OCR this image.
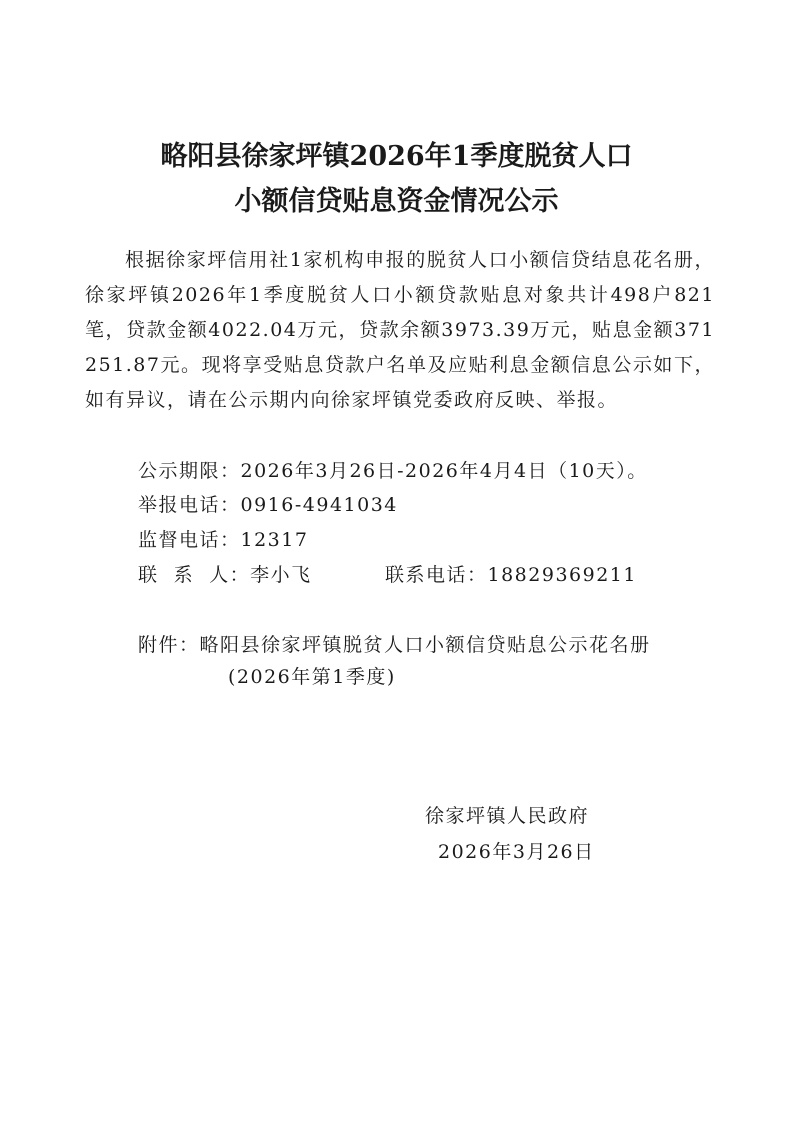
略阳县徐家坪镇2026年1季度脱贫人口
小额信贷贴息资金情况公示
根据徐家坪信用社1家机构申报的脱贫人口小额信贷结息花名册，徐家坪镇2026年1季度脱贫人口小额贷款贴息对象共计498户821笔，贷款金额4022.04万元，贷款余额3973.39万元，贴息金额371251.87元。现将享受贴息贷款户名单及应贴利息金额信息公示如下，如有异议，请在公示期内向徐家坪镇党委政府反映、举报。
公示期限：2026年3月26日-2026年4月4日（10天）。
举报电话：0916-4941034
监督电话：12317
联  系  人：李小飞	联系电话：18829369211
附件：略阳县徐家坪镇脱贫人口小额信贷贴息公示花名册
(2026年第1季度)
徐家坪镇人民政府
2026年3月26日
